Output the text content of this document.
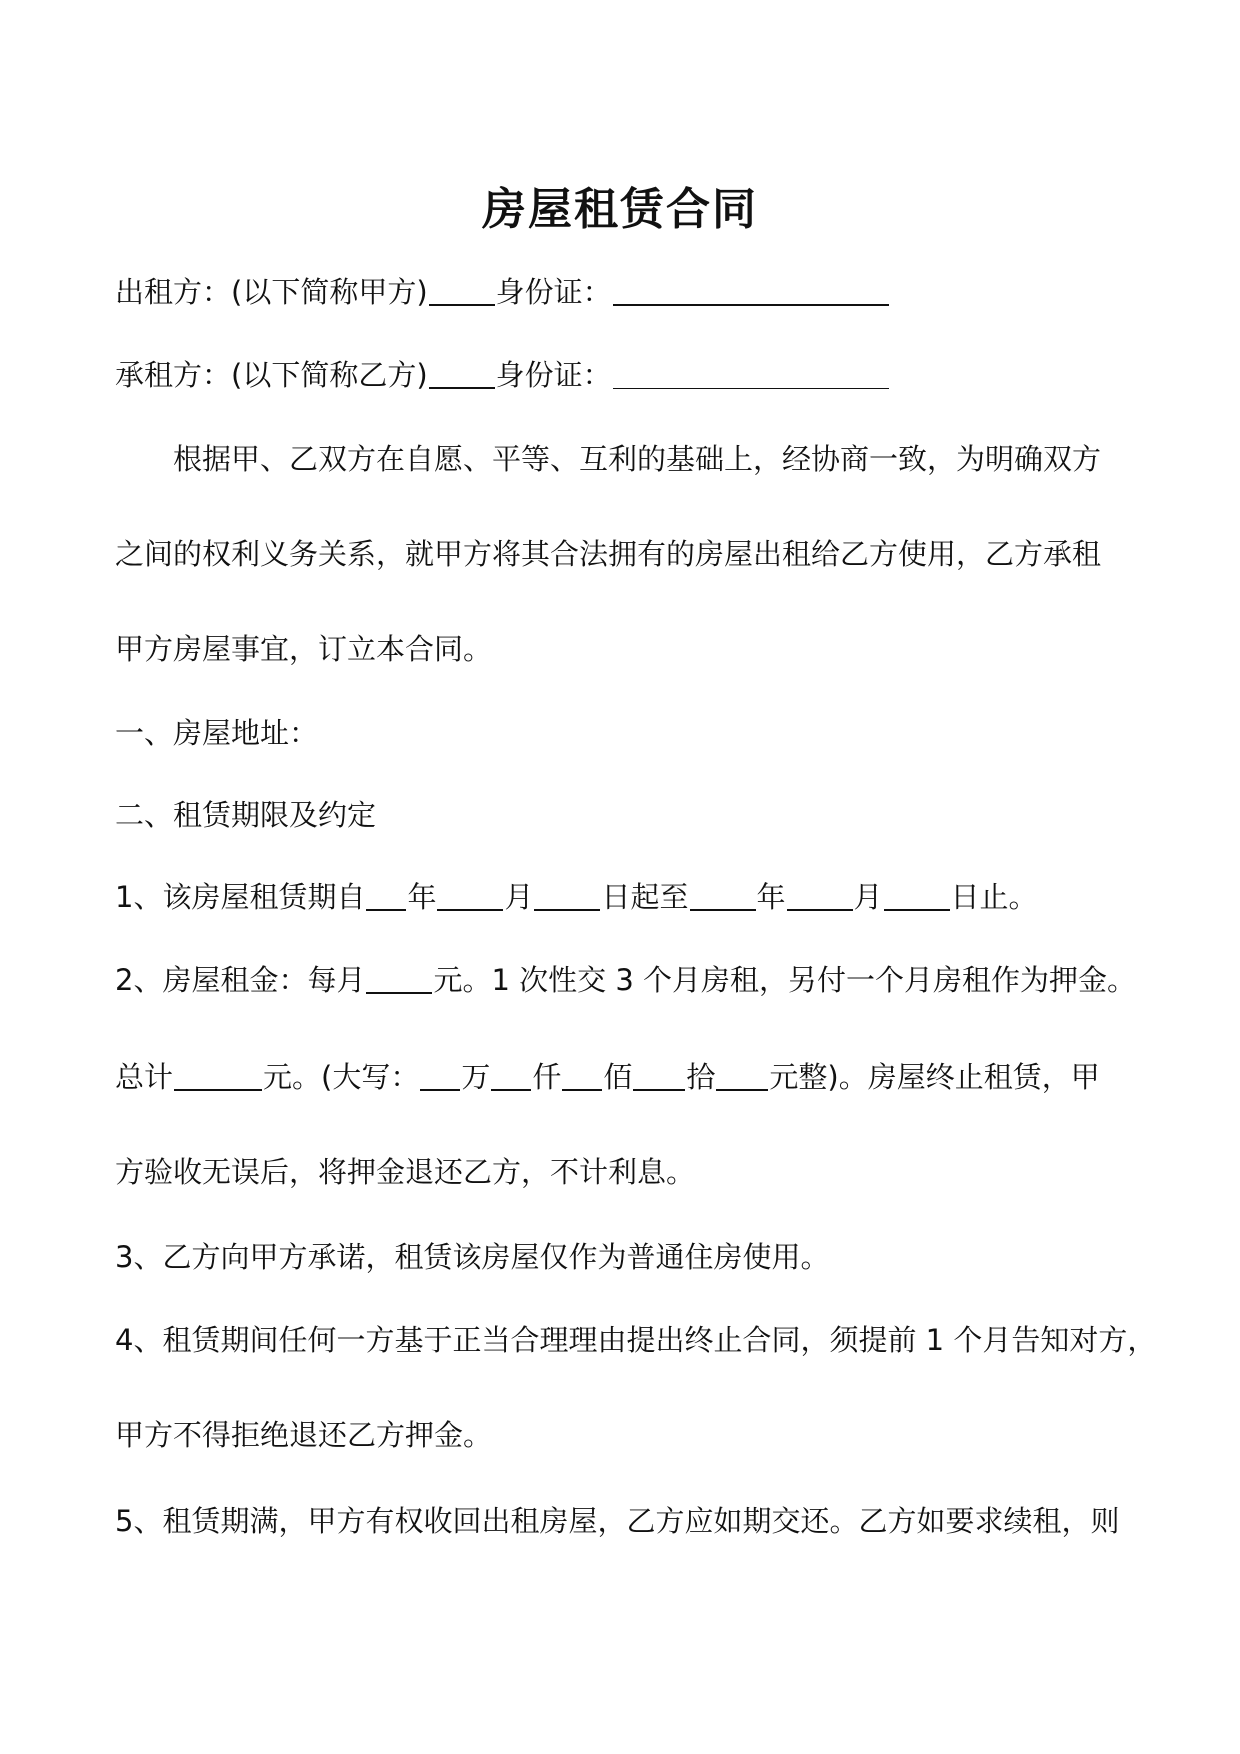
房屋租赁合同
出租方：(以下简称甲方) 身份证：
承租方：(以下简称乙方) 身份证：
根据甲、乙双方在自愿、平等、互利的基础上，经协商一致，为明确双方
之间的权利义务关系，就甲方将其合法拥有的房屋出租给乙方使用，乙方承租
甲方房屋事宜，订立本合同。
一、房屋地址：
二、租赁期限及约定
1、该房屋租赁期自 年 月 日起至 年 月 日止。
2、房屋租金：每月 元。1 次性交 3 个月房租，另付一个月房租作为押金。
总计	元。(大写： 万 仟 佰 拾 元整)。房屋终止租赁，甲
方验收无误后，将押金退还乙方，不计利息。
3、乙方向甲方承诺，租赁该房屋仅作为普通住房使用。
4、租赁期间任何一方基于正当合理理由提出终止合同，须提前 1 个月告知对方，
甲方不得拒绝退还乙方押金。
5、租赁期满，甲方有权收回出租房屋，乙方应如期交还。乙方如要求续租，则
